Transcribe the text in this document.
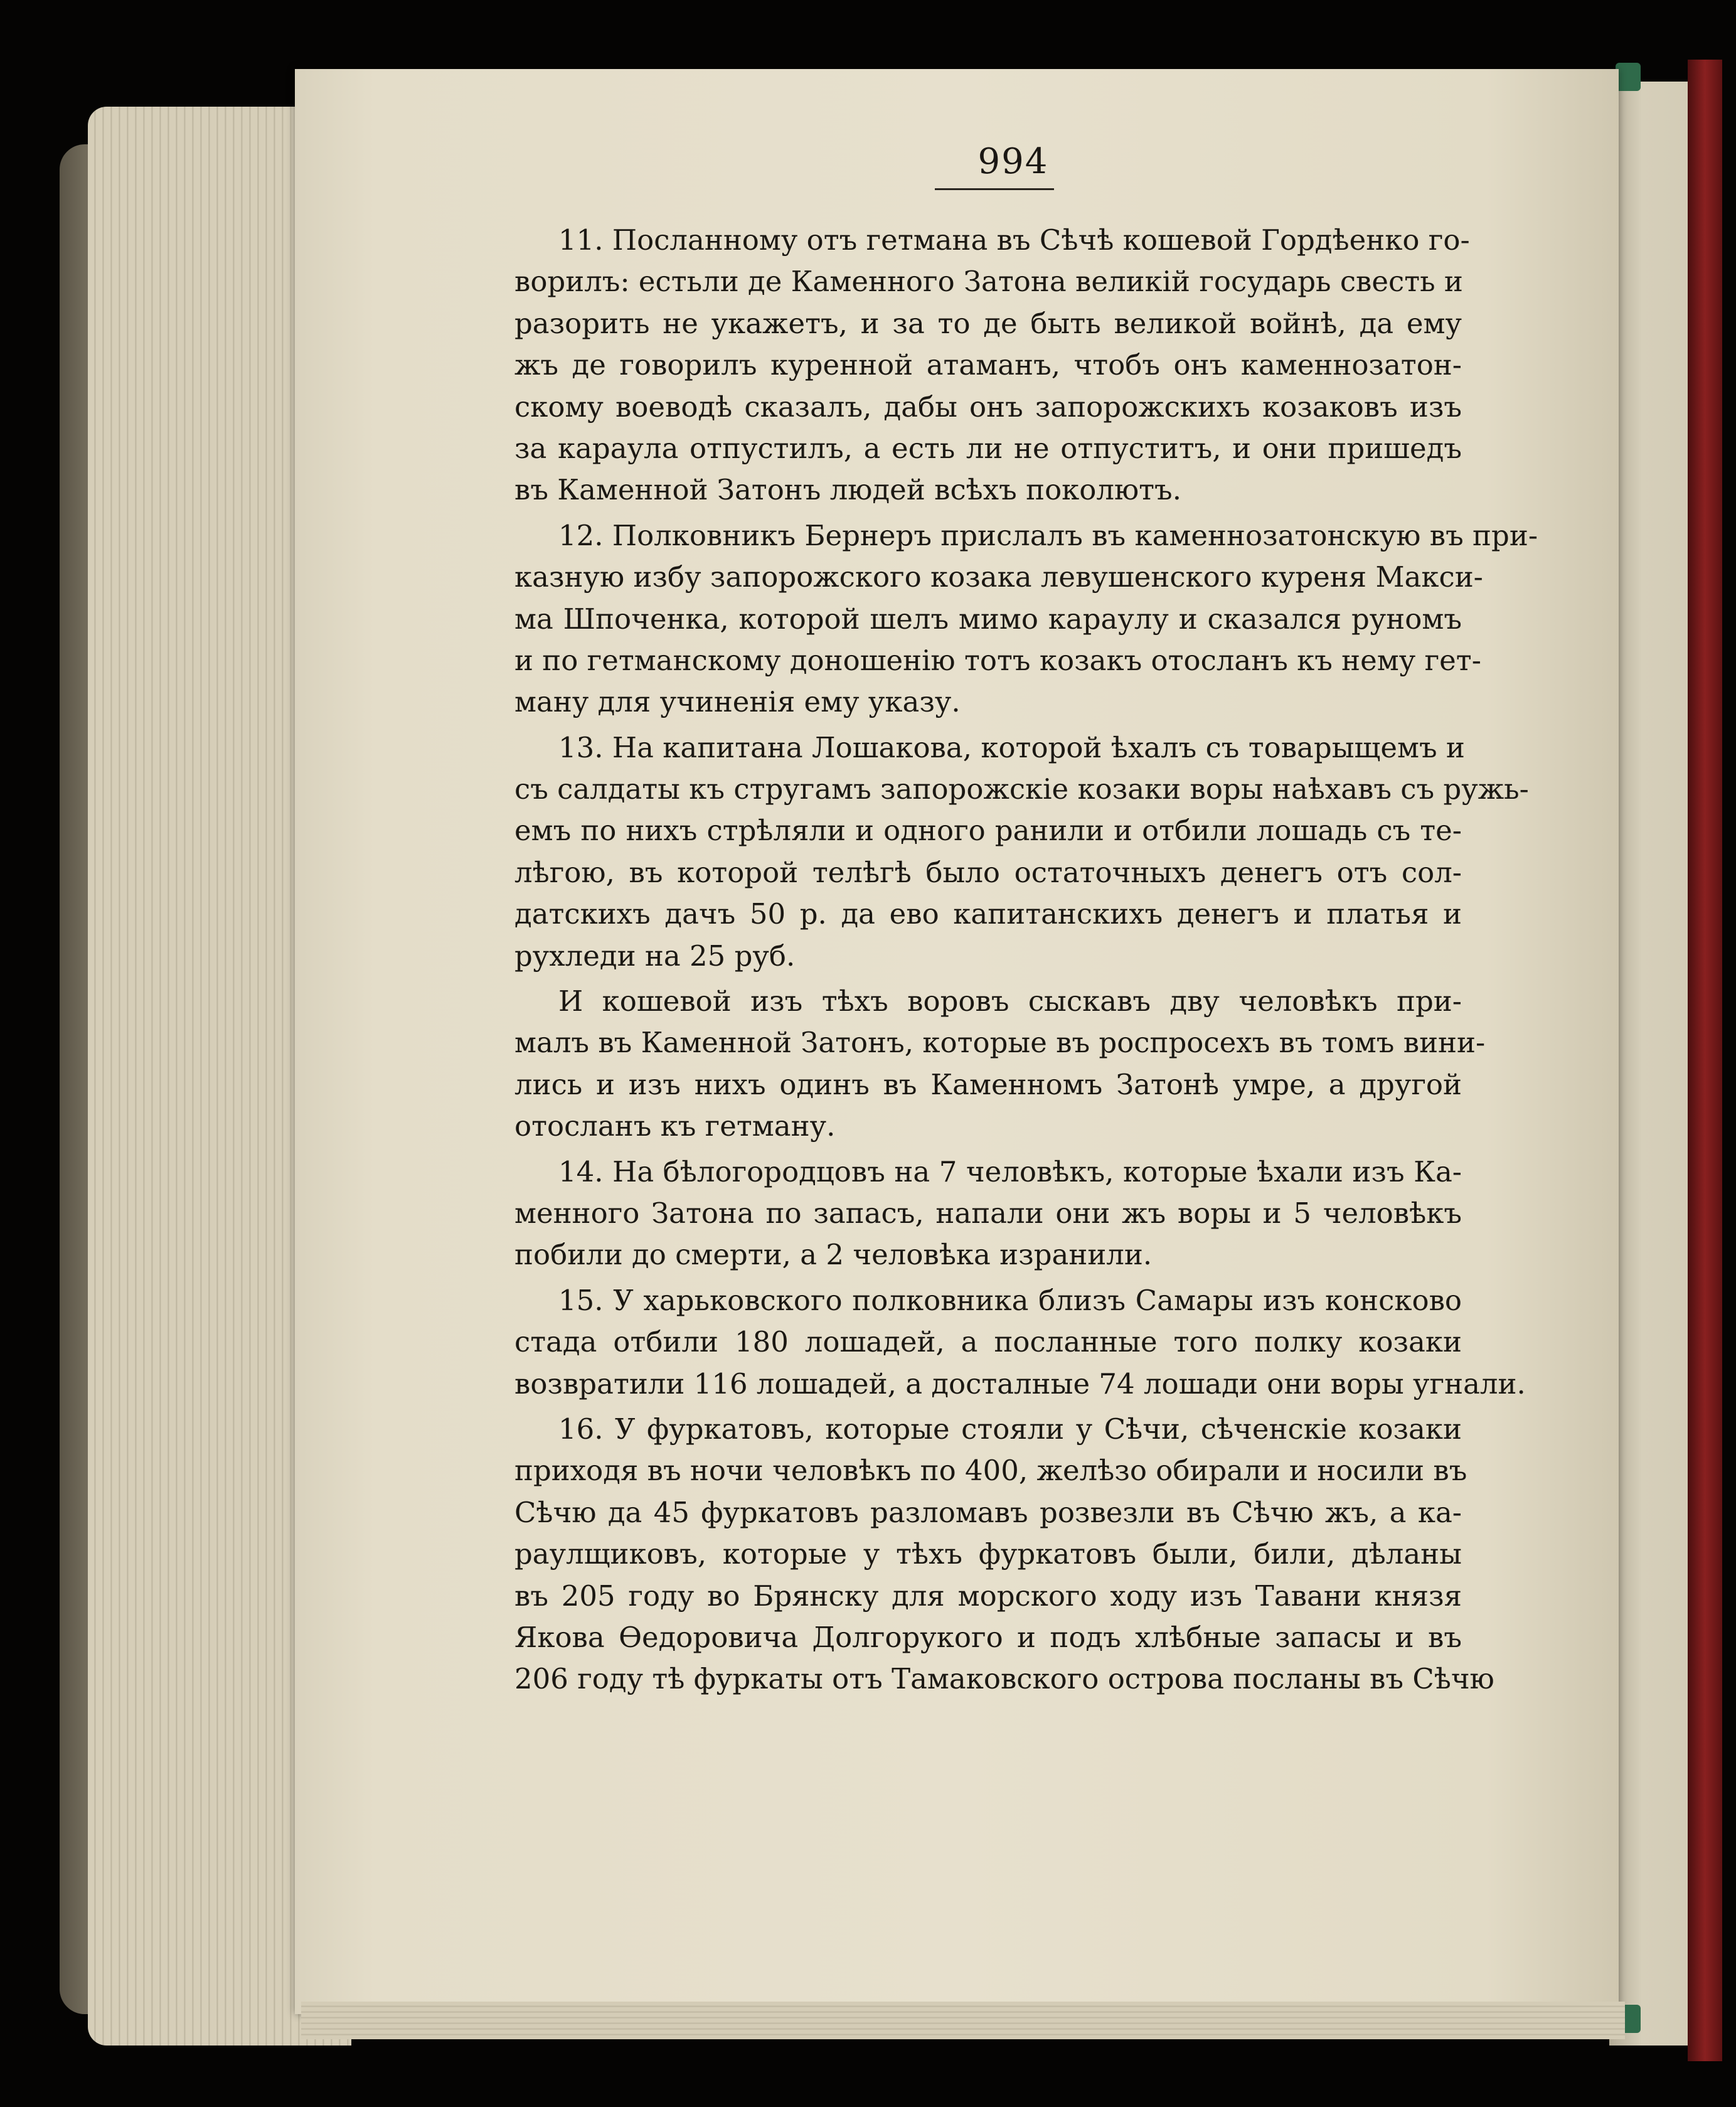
994
11. Посланному отъ гетмана въ Сѣчѣ кошевой Гордѣенко го-
ворилъ: естьли де Каменного Затона великій государь свесть и
разорить не укажетъ, и за то де быть великой войнѣ, да ему
жъ де говорилъ куренной атаманъ, чтобъ онъ каменнозатон-
скому воеводѣ сказалъ, дабы онъ запорожскихъ козаковъ изъ
за караула отпустилъ, а есть ли не отпуститъ, и они пришедъ
въ Каменной Затонъ людей всѣхъ поколютъ.
12. Полковникъ Бернеръ прислалъ въ каменнозатонскую въ при-
казную избу запорожского козака левушенского куреня Макси-
ма Шпоченка, которой шелъ мимо караулу и сказался руномъ
и по гетманскому доношенію тотъ козакъ отосланъ къ нему гет-
ману для учиненія ему указу.
13. На капитана Лошакова, которой ѣхалъ съ товарыщемъ и
съ салдаты къ стругамъ запорожскіе козаки воры наѣхавъ съ ружь-
емъ по нихъ стрѣляли и одного ранили и отбили лошадь съ те-
лѣгою, въ которой телѣгѣ было остаточныхъ денегъ отъ сол-
датскихъ дачъ 50 р. да ево капитанскихъ денегъ и платья и
рухледи на 25 руб.
И кошевой изъ тѣхъ воровъ сыскавъ дву человѣкъ при-
малъ въ Каменной Затонъ, которые въ роспросехъ въ томъ вини-
лись и изъ нихъ одинъ въ Каменномъ Затонѣ умре, а другой
отосланъ къ гетману.
14. На бѣлогородцовъ на 7 человѣкъ, которые ѣхали изъ Ка-
менного Затона по запасъ, напали они жъ воры и 5 человѣкъ
побили до смерти, а 2 человѣка изранили.
15. У харьковского полковника близъ Самары изъ консково
стада отбили 180 лошадей, а посланные того полку козаки
возвратили 116 лошадей, а досталные 74 лошади они воры угнали.
16. У фуркатовъ, которые стояли у Сѣчи, сѣченскіе козаки
приходя въ ночи человѣкъ по 400, желѣзо обирали и носили въ
Сѣчю да 45 фуркатовъ разломавъ розвезли въ Сѣчю жъ, а ка-
раулщиковъ, которые у тѣхъ фуркатовъ были, били, дѣланы
въ 205 году во Брянску для морского ходу изъ Тавани князя
Якова Ѳедоровича Долгорукого и подъ хлѣбные запасы и въ
206 году тѣ фуркаты отъ Тамаковского острова посланы въ Сѣчю
